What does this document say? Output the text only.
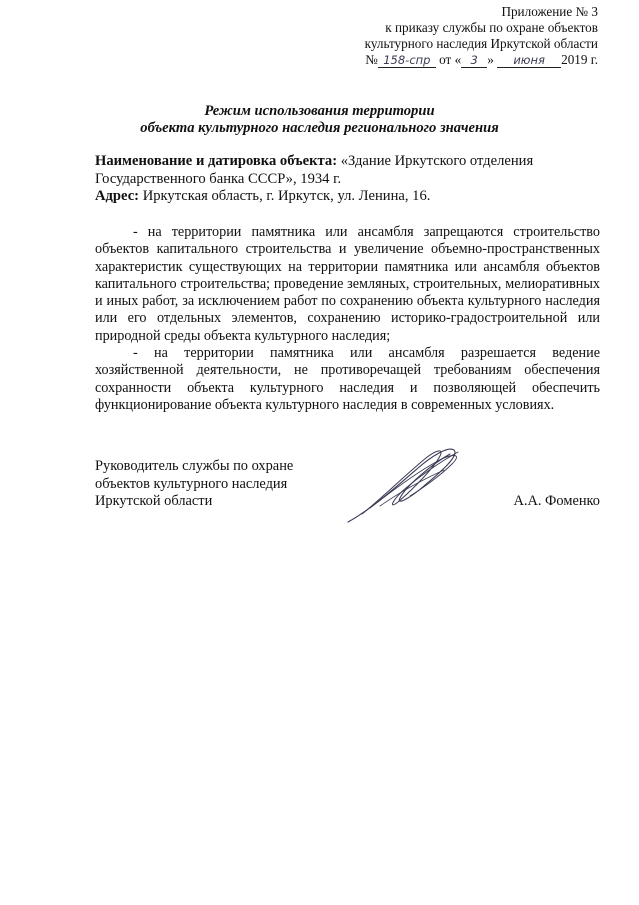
Приложение № 3
к приказу службы по охране объектов
культурного наследия Иркутской области
№ 158-спр от « 3 » июня 2019 г.
Режим использования территории
объекта культурного наследия регионального значения
Наименование и датировка объекта: «Здание Иркутского отделения Государственного банка СССР», 1934 г.
Адрес: Иркутская область, г. Иркутск, ул. Ленина, 16.

- на территории памятника или ансамбля запрещаются строительство объектов капитального строительства и увеличение объемно-пространственных характеристик существующих на территории памятника или ансамбля объектов капитального строительства; проведение земляных, строительных, мелиоративных и иных работ, за исключением работ по сохранению объекта культурного наследия или его отдельных элементов, сохранению историко-градостроительной или природной среды объекта культурного наследия;

- на территории памятника или ансамбля разрешается ведение хозяйственной деятельности, не противоречащей требованиям обеспечения сохранности объекта культурного наследия и позволяющей обеспечить функционирование объекта культурного наследия в современных условиях.

Руководитель службы по охране
объектов культурного наследия
Иркутской области	А.А. Фоменко
